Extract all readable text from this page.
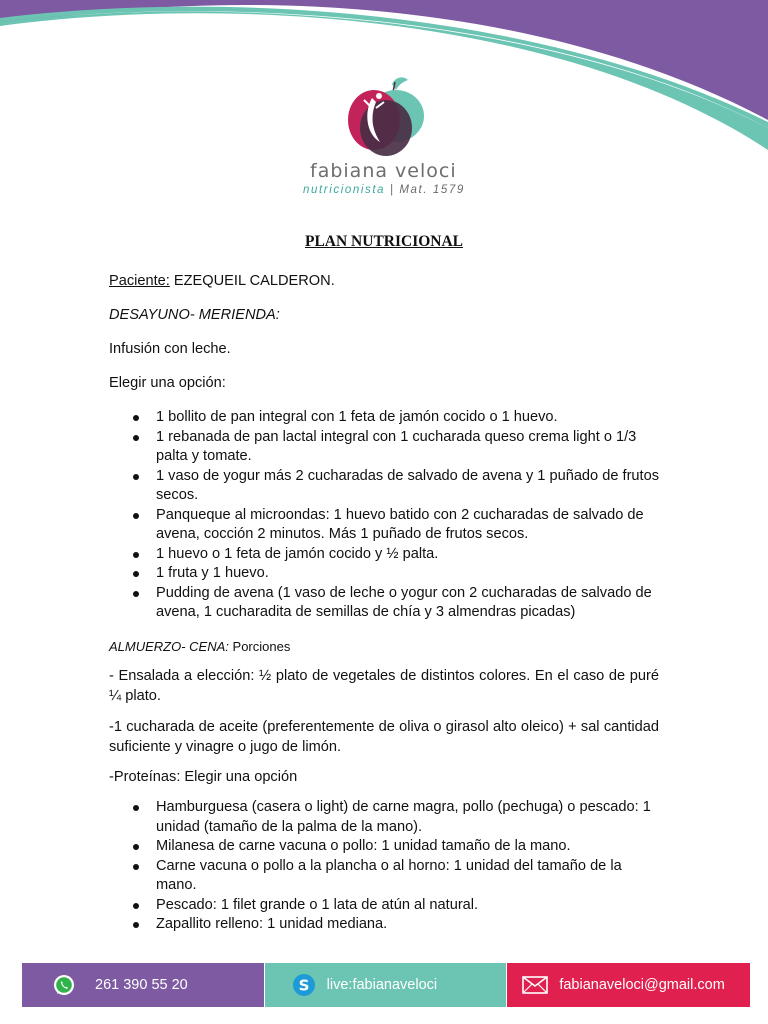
fabiana veloci
nutricionista | Mat. 1579
PLAN NUTRICIONAL

Paciente: EZEQUEIL CALDERON.

DESAYUNO- MERIENDA:

Infusión con leche.

Elegir una opción:

1 bollito de pan integral con 1 feta de jamón cocido o 1 huevo.
1 rebanada de pan lactal integral con 1 cucharada queso crema light o 1/3 palta y tomate.
1 vaso de yogur más 2 cucharadas de salvado de avena y 1 puñado de frutos secos.
Panqueque al microondas: 1 huevo batido con 2 cucharadas de salvado de avena, cocción 2 minutos. Más 1 puñado de frutos secos.
1 huevo o 1 feta de jamón cocido y ½ palta.
1 fruta y 1 huevo.
Pudding de avena (1 vaso de leche o yogur con 2 cucharadas de salvado de avena, 1 cucharadita de semillas de chía y 3 almendras picadas)

ALMUERZO- CENA: Porciones

- Ensalada a elección: ½ plato de vegetales de distintos colores. En el caso de puré ¼ plato.

-1 cucharada de aceite (preferentemente de oliva o girasol alto oleico) + sal cantidad suficiente y vinagre o jugo de limón.

-Proteínas: Elegir una opción

Hamburguesa (casera o light) de carne magra, pollo (pechuga) o pescado: 1 unidad (tamaño de la palma de la mano).
Milanesa de carne vacuna o pollo: 1 unidad tamaño de la mano.
Carne vacuna o pollo a la plancha o al horno: 1 unidad del tamaño de la mano.
Pescado: 1 filet grande o 1 lata de atún al natural.
Zapallito relleno: 1 unidad mediana.
261 390 55 20	S live:fabianaveloci	fabianaveloci@gmail.com
